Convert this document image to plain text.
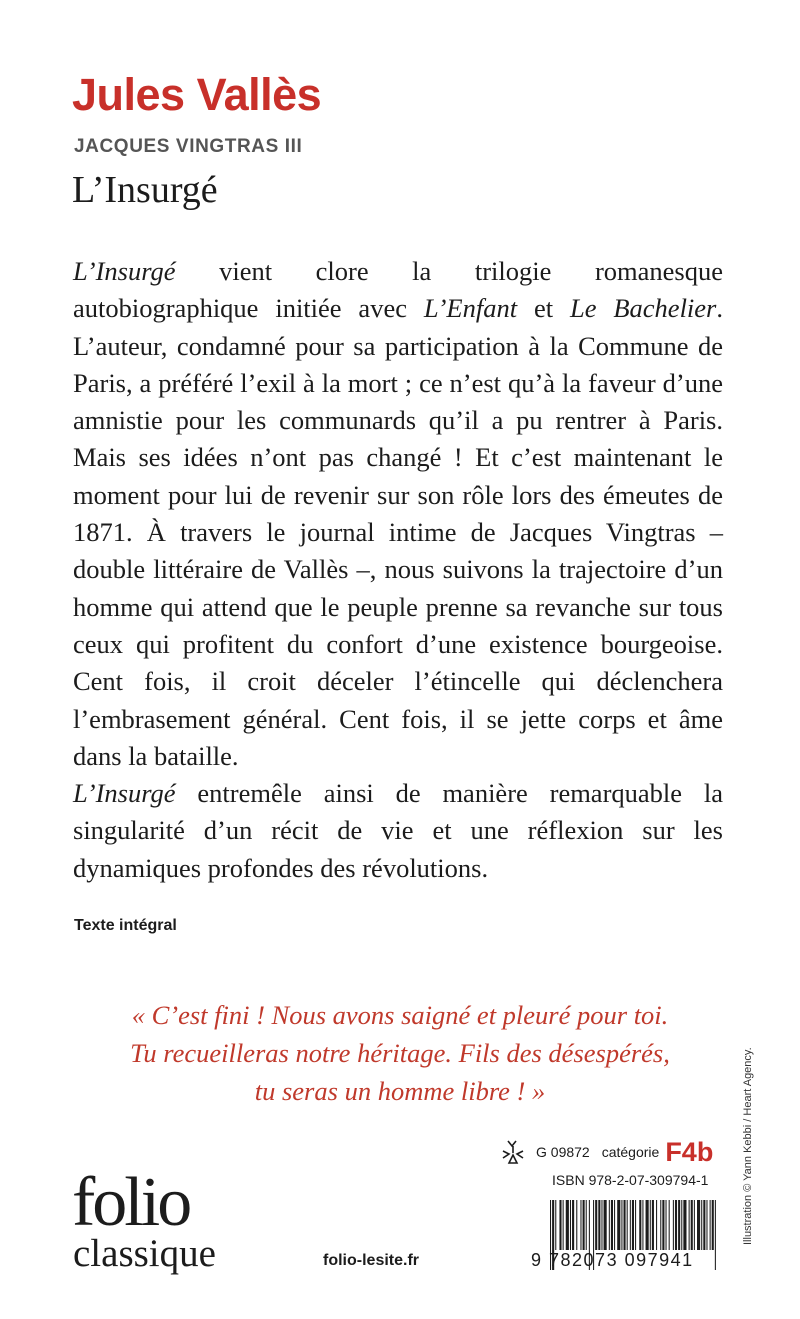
Jules Vallès
JACQUES VINGTRAS III
L’Insurgé
L’Insurgé vient clore la trilogie romanesque autobiographique initiée avec L’Enfant et Le Bachelier. L’auteur, condamné pour sa participation à la Commune de Paris, a préféré l’exil à la mort ; ce n’est qu’à la faveur d’une amnistie pour les communards qu’il a pu rentrer à Paris. Mais ses idées n’ont pas changé ! Et c’est maintenant le moment pour lui de revenir sur son rôle lors des émeutes de 1871. À travers le journal intime de Jacques Vingtras – double littéraire de Vallès –, nous suivons la trajectoire d’un homme qui attend que le peuple prenne sa revanche sur tous ceux qui profitent du confort d’une existence bourgeoise. Cent fois, il croit déceler l’étincelle qui déclenchera l’embrasement général. Cent fois, il se jette corps et âme dans la bataille.
L’Insurgé entremêle ainsi de manière remarquable la singularité d’un récit de vie et une réflexion sur les dynamiques profondes des révolutions.
Texte intégral
« C’est fini ! Nous avons saigné et pleuré pour toi.
Tu recueilleras notre héritage. Fils des désespérés,
tu seras un homme libre ! »	Illustration © Yann Kebbi / Heart Agency.
folio
classique	folio-lesite.fr
G 09872 catégorie F4b
ISBN 978-2-07-309794-1
9 782073 097941
